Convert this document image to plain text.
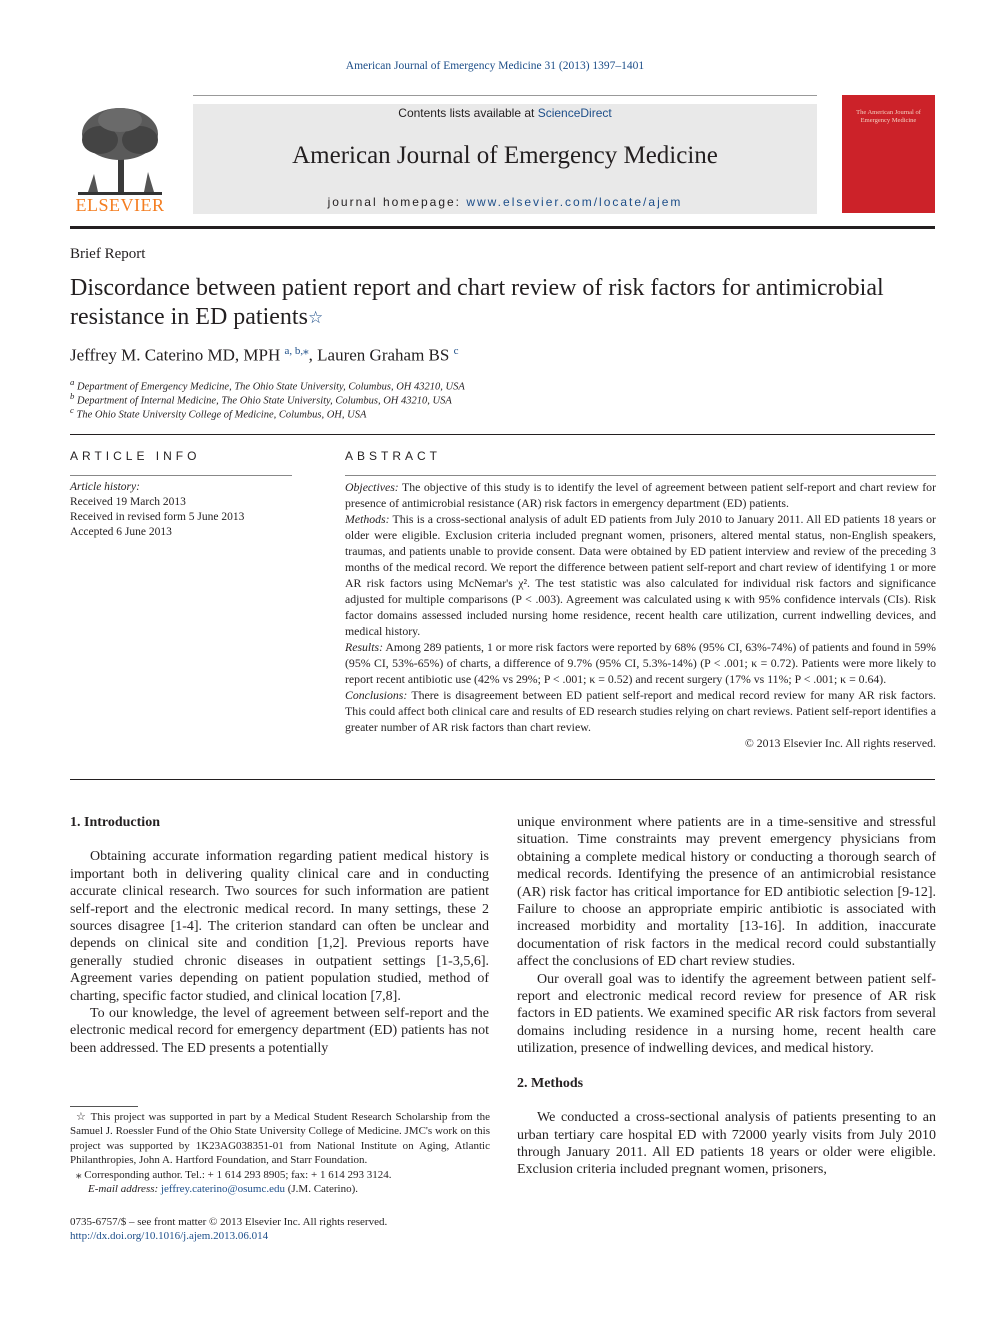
American Journal of Emergency Medicine 31 (2013) 1397–1401
ELSEVIER
Contents lists available at ScienceDirect
American Journal of Emergency Medicine
journal homepage: www.elsevier.com/locate/ajem
The American Journal of Emergency Medicine
Brief Report
Discordance between patient report and chart review of risk factors for antimicrobial
resistance in ED patients☆
Jeffrey M. Caterino MD, MPH $^{a, b,⁎}$, Lauren Graham BS $^c$
$^a$ Department of Emergency Medicine, The Ohio State University, Columbus, OH 43210, USA
$^b$ Department of Internal Medicine, The Ohio State University, Columbus, OH 43210, USA
$^c$ The Ohio State University College of Medicine, Columbus, OH, USA
ARTICLE INFO
Article history:
Received 19 March 2013
Received in revised form 5 June 2013
Accepted 6 June 2013
ABSTRACT

Objectives: The objective of this study is to identify the level of agreement between patient self-report and chart review for presence of antimicrobial resistance (AR) risk factors in emergency department (ED) patients.

Methods: This is a cross-sectional analysis of adult ED patients from July 2010 to January 2011. All ED patients 18 years or older were eligible. Exclusion criteria included pregnant women, prisoners, altered mental status, non-English speakers, traumas, and patients unable to provide consent. Data were obtained by ED patient interview and review of the preceding 3 months of the medical record. We report the difference between patient self-report and chart review of identifying 1 or more AR risk factors using McNemar's χ². The test statistic was also calculated for individual risk factors and significance adjusted for multiple comparisons (P < .003). Agreement was calculated using κ with 95% confidence intervals (CIs). Risk factor domains assessed included nursing home residence, recent health care utilization, current indwelling devices, and medical history.

Results: Among 289 patients, 1 or more risk factors were reported by 68% (95% CI, 63%-74%) of patients and found in 59% (95% CI, 53%-65%) of charts, a difference of 9.7% (95% CI, 5.3%-14%) (P < .001; κ = 0.72). Patients were more likely to report recent antibiotic use (42% vs 29%; P < .001; κ = 0.52) and recent surgery (17% vs 11%; P < .001; κ = 0.64).

Conclusions: There is disagreement between ED patient self-report and medical record review for many AR risk factors. This could affect both clinical care and results of ED research studies relying on chart reviews. Patient self-report identifies a greater number of AR risk factors than chart review.

© 2013 Elsevier Inc. All rights reserved.

1. Introduction

Obtaining accurate information regarding patient medical history is important both in delivering quality clinical care and in conducting accurate clinical research. Two sources for such information are patient self-report and the electronic medical record. In many settings, these 2 sources disagree [1-4]. The criterion standard can often be unclear and depends on clinical site and condition [1,2]. Previous reports have generally studied chronic diseases in outpatient settings [1-3,5,6]. Agreement varies depending on patient population studied, method of charting, specific factor studied, and clinical location [7,8].

To our knowledge, the level of agreement between self-report and the electronic medical record for emergency department (ED) patients has not been addressed. The ED presents a potentially

unique environment where patients are in a time-sensitive and stressful situation. Time constraints may prevent emergency physicians from obtaining a complete medical history or conducting a thorough search of medical records. Identifying the presence of an antimicrobial resistance (AR) risk factor has critical importance for ED antibiotic selection [9-12]. Failure to choose an appropriate empiric antibiotic is associated with increased morbidity and mortality [13-16]. In addition, inaccurate documentation of risk factors in the medical record could substantially affect the conclusions of ED chart review studies.

Our overall goal was to identify the agreement between patient self-report and electronic medical record review for presence of AR risk factors in ED patients. We examined specific AR risk factors from several domains including residence in a nursing home, recent health care utilization, presence of indwelling devices, and medical history.

2. Methods

We conducted a cross-sectional analysis of patients presenting to an urban tertiary care hospital ED with 72000 yearly visits from July 2010 through January 2011. All ED patients 18 years or older were eligible. Exclusion criteria included pregnant women, prisoners,

☆ This project was supported in part by a Medical Student Research Scholarship from the Samuel J. Roessler Fund of the Ohio State University College of Medicine. JMC's work on this project was supported by 1K23AG038351-01 from National Institute on Aging, Atlantic Philanthropies, John A. Hartford Foundation, and Starr Foundation.

⁎ Corresponding author. Tel.: + 1 614 293 8905; fax: + 1 614 293 3124.

E-mail address: jeffrey.caterino@osumc.edu (J.M. Caterino).

0735-6757/$ – see front matter © 2013 Elsevier Inc. All rights reserved.
http://dx.doi.org/10.1016/j.ajem.2013.06.014
